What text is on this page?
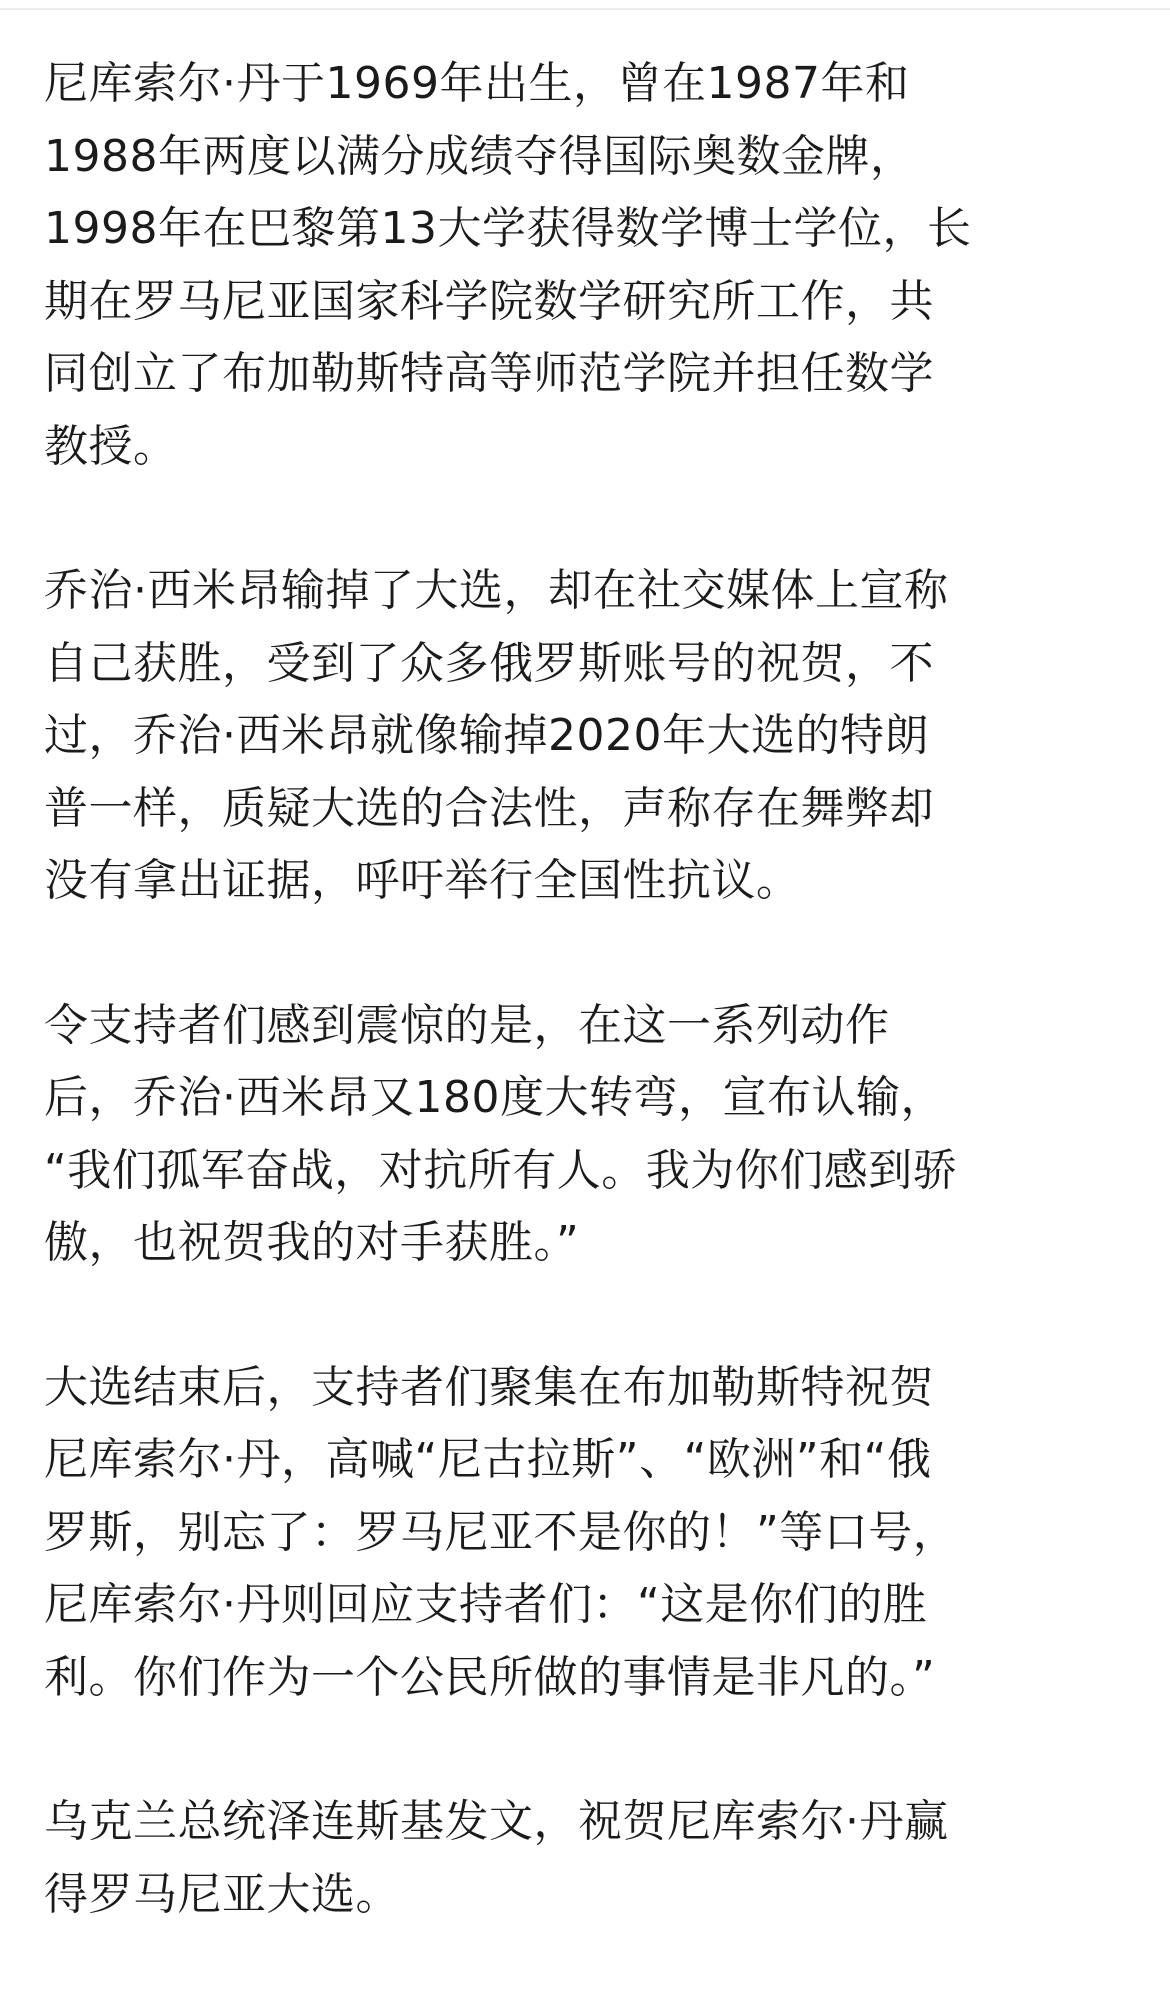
尼库索尔·丹于1969年出生，曾在1987年和
1988年两度以满分成绩夺得国际奥数金牌，
1998年在巴黎第13大学获得数学博士学位，长
期在罗马尼亚国家科学院数学研究所工作，共
同创立了布加勒斯特高等师范学院并担任数学
教授。

乔治·西米昂输掉了大选，却在社交媒体上宣称
自己获胜，受到了众多俄罗斯账号的祝贺，不
过，乔治·西米昂就像输掉2020年大选的特朗
普一样，质疑大选的合法性，声称存在舞弊却
没有拿出证据，呼吁举行全国性抗议。

令支持者们感到震惊的是，在这一系列动作
后，乔治·西米昂又180度大转弯，宣布认输，
“我们孤军奋战，对抗所有人。我为你们感到骄
傲，也祝贺我的对手获胜。”

大选结束后，支持者们聚集在布加勒斯特祝贺
尼库索尔·丹，高喊“尼古拉斯”、“欧洲”和“俄
罗斯，别忘了：罗马尼亚不是你的！”等口号，
尼库索尔·丹则回应支持者们：“这是你们的胜
利。你们作为一个公民所做的事情是非凡的。”

乌克兰总统泽连斯基发文，祝贺尼库索尔·丹赢
得罗马尼亚大选。
